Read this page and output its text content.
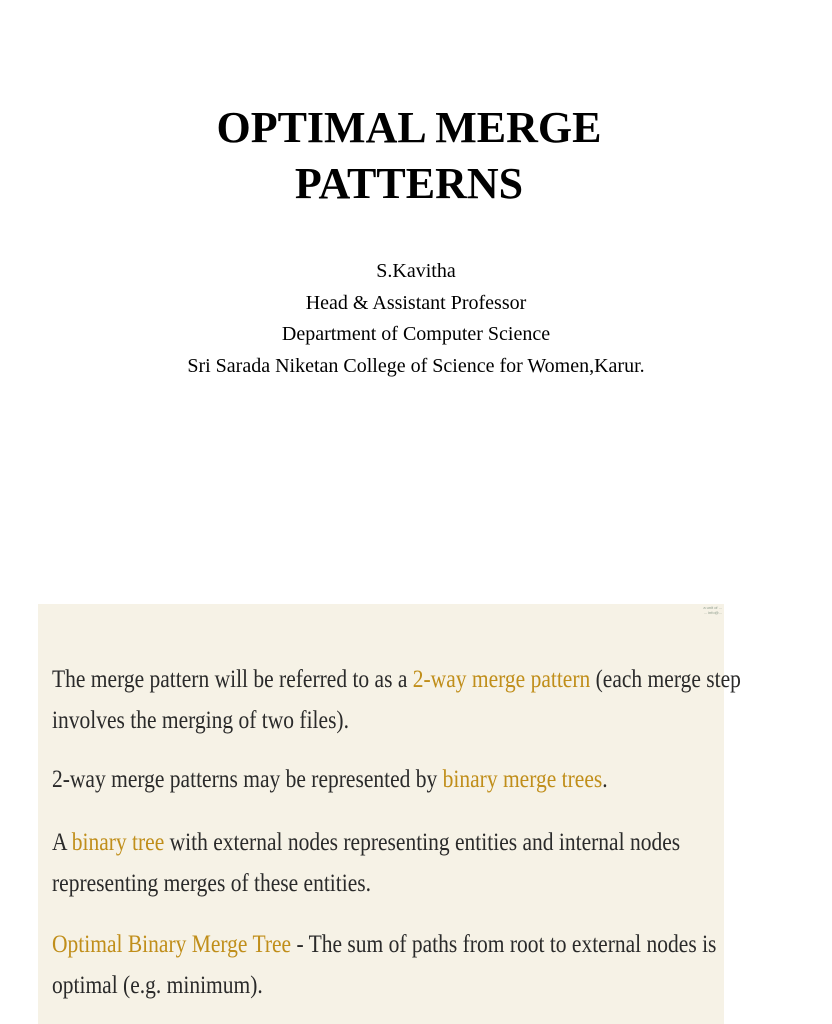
OPTIMAL MERGE
PATTERNS
S.Kavitha
Head & Assistant Professor
Department of Computer Science
Sri Sarada Niketan College of Science for Women,Karur.
a unit of ...
... info@...

The merge pattern will be referred to as a 2-way merge pattern (each merge step
involves the merging of two files).

2-way merge patterns may be represented by binary merge trees.

A binary tree with external nodes representing entities and internal nodes
representing merges of these entities.

Optimal Binary Merge Tree - The sum of paths from root to external nodes is
optimal (e.g. minimum).
